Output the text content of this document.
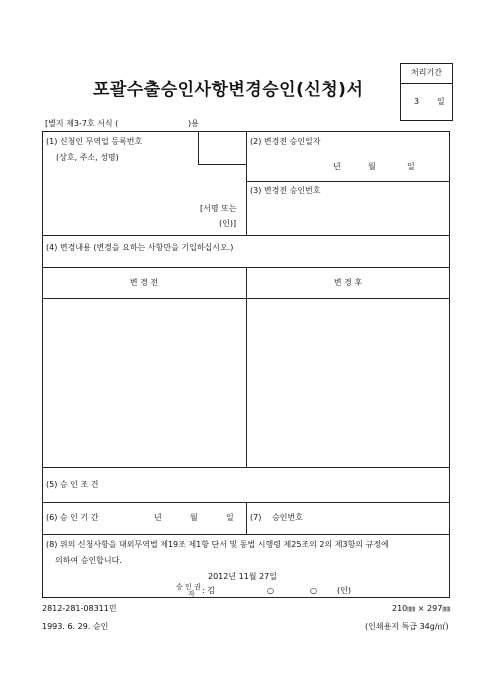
포괄수출승인사항변경승인(신청)서
처리기간
3 일
[별지 제3-7호 서식 (	)용
(1) 신청인 무역업 등록번호
(상호, 주소, 성명)
[서명 또는
(인)]
(2) 변경전 승인일자
년	월	일
(3) 변경전 승인번호
(4) 변경내용 (변경을 요하는 사항만을 기입하십시오.)
변 경 전	변 경 후
(5) 승 인 조 건
(6) 승 인 기 간	년	월	일 (7) 승인번호
(8) 위의 신청사항을 대외무역법 제19조 제1항 단서 및 동법 시행령 제25조의 2의 제3항의 규정에
의하여 승인합니다.
2012년 11월 27일
승 인 권
자 : 김	○	○	(인)
2812-281-08311민	210㎜ × 297㎜
1993. 6. 29. 승인	(인쇄용지 특급 34g/㎡)
